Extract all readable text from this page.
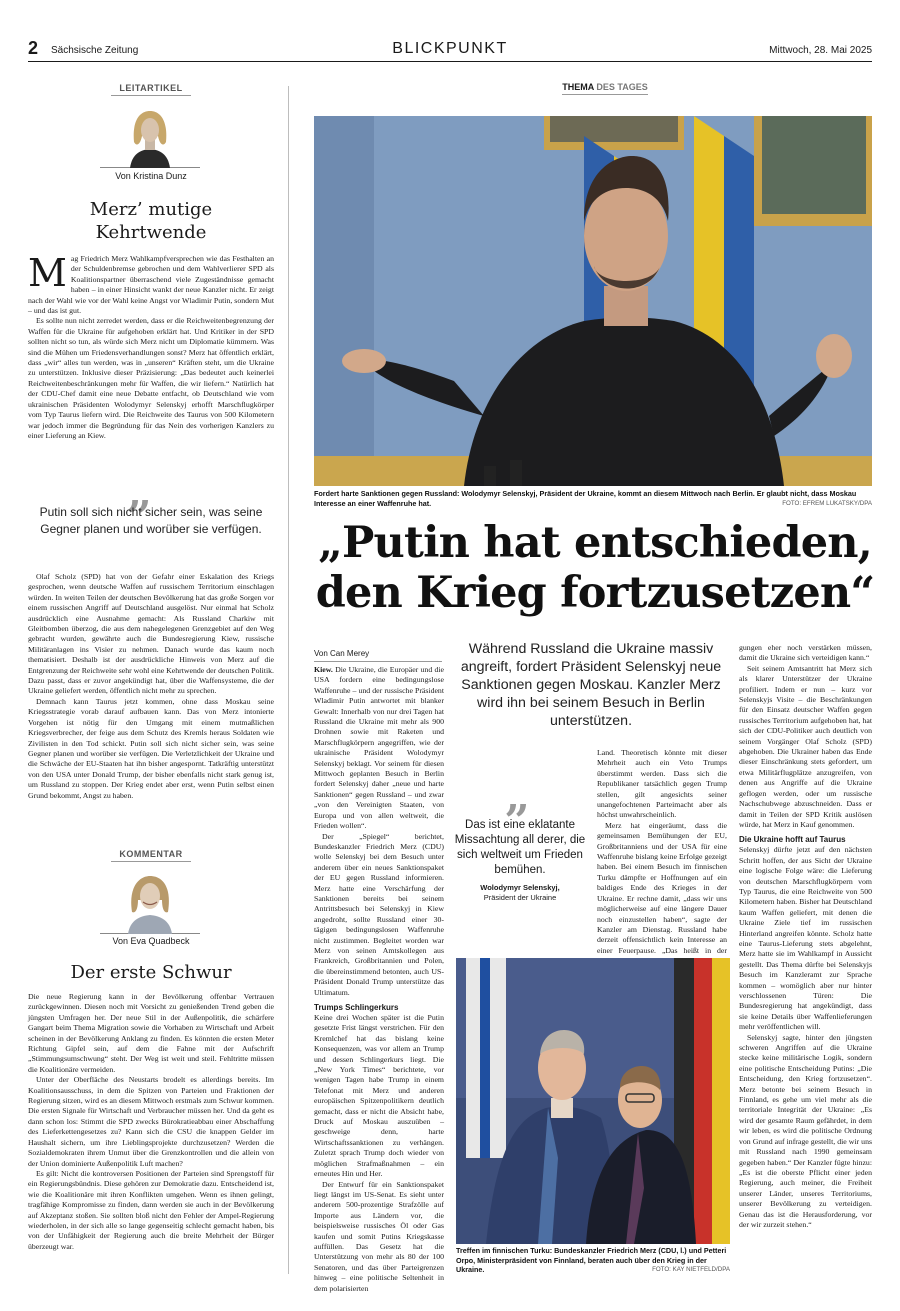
2 Sächsische Zeitung	BLICKPUNKT	Mittwoch, 28. Mai 2025
LEITARTIKEL
Von Kristina Dunz
Merz’ mutige
Kehrtwende

Mag Friedrich Merz Wahlkampfversprechen wie das Festhalten an der Schuldenbremse gebrochen und dem Wahlverlierer SPD als Koalitionspartner überraschend viele Zugeständnisse gemacht haben – in einer Hinsicht wankt der neue Kanzler nicht. Er zeigt nach der Wahl wie vor der Wahl keine Angst vor Wladimir Putin, sondern Mut – und das ist gut.

Es sollte nun nicht zerredet werden, dass er die Reichweitenbegrenzung der Waffen für die Ukraine für aufgehoben erklärt hat. Und Kritiker in der SPD sollten nicht so tun, als würde sich Merz nicht um Diplomatie kümmern. Was sind die Mühen um Friedensverhandlungen sonst? Merz hat öffentlich erklärt, dass „wir“ alles tun werden, was in „unseren“ Kräften steht, um die Ukraine zu unterstützen. Inklusive dieser Präzisierung: „Das bedeutet auch keinerlei Reichweitenbeschränkungen mehr für Waffen, die wir liefern.“ Natürlich hat der CDU-Chef damit eine neue Debatte entfacht, ob Deutschland wie vom ukrainischen Präsidenten Wolodymyr Selenskyj erhofft Marschflugkörper vom Typ Taurus liefern wird. Die Reichweite des Taurus von 500 Kilometern war jedoch immer die Begründung für das Nein des vorherigen Kanzlers zu einer Lieferung an Kiew.

„
Putin soll sich nicht sicher sein, was seine Gegner planen und worüber sie verfügen.

Olaf Scholz (SPD) hat von der Gefahr einer Eskalation des Kriegs gesprochen, wenn deutsche Waffen auf russischem Territorium einschlagen würden. In weiten Teilen der deutschen Bevölkerung hat das große Sorgen vor einem russischen Angriff auf Deutschland ausgelöst. Nur einmal hat Scholz ausdrücklich eine Ausnahme gemacht: Als Russland Charkiw mit Gleitbomben überzog, die aus dem nahegelegenen Grenzgebiet auf den Weg gebracht wurden, gewährte auch die Bundesregierung Kiew, russische Militäranlagen ins Visier zu nehmen. Danach wurde das kaum noch thematisiert. Deshalb ist der ausdrückliche Hinweis von Merz auf die Entgrenzung der Reichweite sehr wohl eine Kehrtwende der deutschen Politik. Dazu passt, dass er zuvor angekündigt hat, über die Waffensysteme, die der Ukraine geliefert werden, öffentlich nicht mehr zu sprechen.

Demnach kann Taurus jetzt kommen, ohne dass Moskau seine Kriegsstrategie vorab darauf aufbauen kann. Das von Merz intonierte Vorgehen ist nötig für den Umgang mit einem mutmaßlichen Kriegsverbrecher, der feige aus dem Schutz des Kremls heraus Soldaten wie Zivilisten in den Tod schickt. Putin soll sich nicht sicher sein, was seine Gegner planen und worüber sie verfügen. Die Verletzlichkeit der Ukraine und die Schwäche der EU-Staaten hat ihn bisher angespornt. Tatkräftig unterstützt von den USA unter Donald Trump, der bisher ebenfalls nicht stark genug ist, um Russland zu stoppen. Der Krieg endet aber erst, wenn Putin selbst einen Grund bekommt, Angst zu haben.

KOMMENTAR
Von Eva Quadbeck
Der erste Schwur

Die neue Regierung kann in der Bevölkerung offenbar Vertrauen zurückgewinnen. Diesen noch mit Vorsicht zu genießenden Trend geben die jüngsten Umfragen her. Der neue Stil in der Außenpolitik, die schärfere Gangart beim Thema Migration sowie die Vorhaben zu Wirtschaft und Arbeit scheinen in der Bevölkerung Anklang zu finden. Es könnten die ersten Meter Richtung Gipfel sein, auf dem die Fahne mit der Aufschrift „Stimmungsumschwung“ steht. Der Weg ist weit und steil. Fehltritte müssen die Koalitionäre vermeiden.

Unter der Oberfläche des Neustarts brodelt es allerdings bereits. Im Koalitionsausschuss, in dem die Spitzen von Parteien und Fraktionen der Regierung sitzen, wird es an diesem Mittwoch erstmals zum Schwur kommen. Die ersten Signale für Wirtschaft und Verbraucher müssen her. Und da geht es dann schon los: Stimmt die SPD zwecks Bürokratieabbau einer Abschaffung des Lieferkettengesetzes zu? Kann sich die CSU die knappen Gelder im Haushalt sichern, um ihre Lieblingsprojekte durchzusetzen? Werden die Sozialdemokraten ihrem Unmut über die Grenzkontrollen und die allein von der Union dominierte Außenpolitik Luft machen?

Es gilt: Nicht die kontroversen Positionen der Parteien sind Sprengstoff für ein Regierungsbündnis. Diese gehören zur Demokratie dazu. Entscheidend ist, wie die Koalitionäre mit ihren Konflikten umgehen. Wenn es ihnen gelingt, tragfähige Kompromisse zu finden, dann werden sie auch in der Bevölkerung auf Akzeptanz stoßen. Sie sollten bloß nicht den Fehler der Ampel-Regierung wiederholen, in der sich alle so lange gegenseitig schlecht gemacht haben, bis von der Unfähigkeit der Regierung auch die breite Mehrheit der Bürger überzeugt war.

THEMA DES TAGES
Fordert harte Sanktionen gegen Russland: Wolodymyr Selenskyj, Präsident der Ukraine, kommt an diesem Mittwoch nach Berlin. Er glaubt nicht, dass Moskau Interesse an einer Waffenruhe hat.	FOTO: EFREM LUKATSKY/DPA
„Putin hat entschieden,
den Krieg fortzusetzen“
Von Can Merey	Während Russland die Ukraine massiv angreift, fordert Präsident Selenskyj neue Sanktionen gegen Moskau. Kanzler Merz wird ihn bei seinem Besuch in Berlin unterstützen.

Kiew. Die Ukraine, die Europäer und die USA fordern eine bedingungslose Waffenruhe – und der russische Präsident Wladimir Putin antwortet mit blanker Gewalt: Innerhalb von nur drei Tagen hat Russland die Ukraine mit mehr als 900 Drohnen sowie mit Raketen und Marschflugkörpern angegriffen, wie der ukrainische Präsident Wolodymyr Selenskyj beklagt. Vor seinem für diesen Mittwoch geplanten Besuch in Berlin fordert Selenskyj daher „neue und harte Sanktionen“ gegen Russland – und zwar „von den Vereinigten Staaten, von Europa und von allen weltweit, die Frieden wollen“.

Der „Spiegel“ berichtet, Bundeskanzler Friedrich Merz (CDU) wolle Selenskyj bei dem Besuch unter anderem über ein neues Sanktionspaket der EU gegen Russland informieren. Merz hatte eine Verschärfung der Sanktionen bereits bei seinem Antrittsbesuch bei Selenskyj in Kiew angedroht, sollte Russland einer 30-tägigen bedingungslosen Waffenruhe nicht zustimmen. Begleitet worden war Merz von seinen Amtskollegen aus Frankreich, Großbritannien und Polen, die übereinstimmend betonten, auch US-Präsident Donald Trump unterstütze das Ultimatum.

Trumps Schlingerkurs

Keine drei Wochen später ist die Putin gesetzte Frist längst verstrichen. Für den Kremlchef hat das bislang keine Konsequenzen, was vor allem an Trump und dessen Schlingerkurs liegt. Die „New York Times“ berichtete, vor wenigen Tagen habe Trump in einem Telefonat mit Merz und anderen europäischen Spitzenpolitikern deutlich gemacht, dass er nicht die Absicht habe, Druck auf Moskau auszuüben – geschweige denn, harte Wirtschaftssanktionen zu verhängen. Zuletzt sprach Trump doch wieder von möglichen Strafmaßnahmen – ein erneutes Hin und Her.

Der Entwurf für ein Sanktionspaket liegt längst im US-Senat. Es sieht unter anderem 500-prozentige Strafzölle auf Importe aus Ländern vor, die beispielsweise russisches Öl oder Gas kaufen und somit Putins Kriegskasse auffüllen. Das Gesetz hat die Unterstützung von mehr als 80 der 100 Senatoren, und das über Parteigrenzen hinweg – eine politische Seltenheit in dem polarisierten

„
Das ist eine eklatante Missachtung all derer, die sich weltweit um Frieden bemühen.
Wolodymyr Selenskyj,
Präsident der Ukraine

Land. Theoretisch könnte mit dieser Mehrheit auch ein Veto Trumps überstimmt werden. Dass sich die Republikaner tatsächlich gegen Trump stellen, gilt angesichts seiner unangefochtenen Parteimacht aber als höchst unwahrscheinlich.

Merz hat eingeräumt, dass die gemeinsamen Bemühungen der EU, Großbritanniens und der USA für eine Waffenruhe bislang keine Erfolge gezeigt haben. Bei einem Besuch im finnischen Turku dämpfte er Hoffnungen auf ein baldiges Ende des Krieges in der Ukraine. Er rechne damit, „dass wir uns möglicherweise auf eine längere Dauer noch einzustellen haben“, sagte der Kanzler am Dienstag. Russland habe derzeit offensichtlich kein Interesse an einer Feuerpause. „Das heißt in der

Treffen im finnischen Turku: Bundeskanzler Friedrich Merz (CDU, l.) und Petteri Orpo, Ministerpräsident von Finnland, beraten auch über den Krieg in der Ukraine.	FOTO: KAY NIETFELD/DPA

gungen eher noch verstärken müssen, damit die Ukraine sich verteidigen kann.“

Seit seinem Amtsantritt hat Merz sich als klarer Unterstützer der Ukraine profiliert. Indem er nun – kurz vor Selenskyjs Visite – die Beschränkungen für den Einsatz deutscher Waffen gegen russisches Territorium aufgehoben hat, hat sich der CDU-Politiker auch deutlich von seinem Vorgänger Olaf Scholz (SPD) abgehoben. Die Ukrainer haben das Ende dieser Einschränkung stets gefordert, um etwa Militärflugplätze anzugreifen, von denen aus Angriffe auf die Ukraine geflogen werden, oder um russische Nachschubwege abzuschneiden. Dass er damit in Teilen der SPD Kritik auslösen würde, hat Merz in Kauf genommen.

Die Ukraine hofft auf Taurus

Selenskyj dürfte jetzt auf den nächsten Schritt hoffen, der aus Sicht der Ukraine eine logische Folge wäre: die Lieferung von deutschen Marschflugkörpern vom Typ Taurus, die eine Reichweite von 500 Kilometern haben. Bisher hat Deutschland kaum Waffen geliefert, mit denen die Ukraine Ziele tief im russischen Hinterland angreifen könnte. Scholz hatte eine Taurus-Lieferung stets abgelehnt, Merz hatte sie im Wahlkampf in Aussicht gestellt. Das Thema dürfte bei Selenskyjs Besuch im Kanzleramt zur Sprache kommen – womöglich aber nur hinter verschlossenen Türen: Die Bundesregierung hat angekündigt, dass sie keine Details über Waffenlieferungen mehr veröffentlichen will.

Selenskyj sagte, hinter den jüngsten schweren Angriffen auf die Ukraine stecke keine militärische Logik, sondern eine politische Entscheidung Putins: „Die Entscheidung, den Krieg fortzusetzen“. Merz betonte bei seinem Besuch in Finnland, es gehe um viel mehr als die territoriale Integrität der Ukraine: „Es wird der gesamte Raum gefährdet, in dem wir leben, es wird die politische Ordnung von Grund auf infrage gestellt, die wir uns mit Russland nach 1990 gemeinsam gegeben haben.“ Der Kanzler fügte hinzu: „Es ist die oberste Pflicht einer jeden Regierung, auch meiner, die Freiheit unserer Länder, unseres Territoriums, unserer Bevölkerung zu verteidigen. Genau das ist die Herausforderung, vor der wir zurzeit stehen.“
